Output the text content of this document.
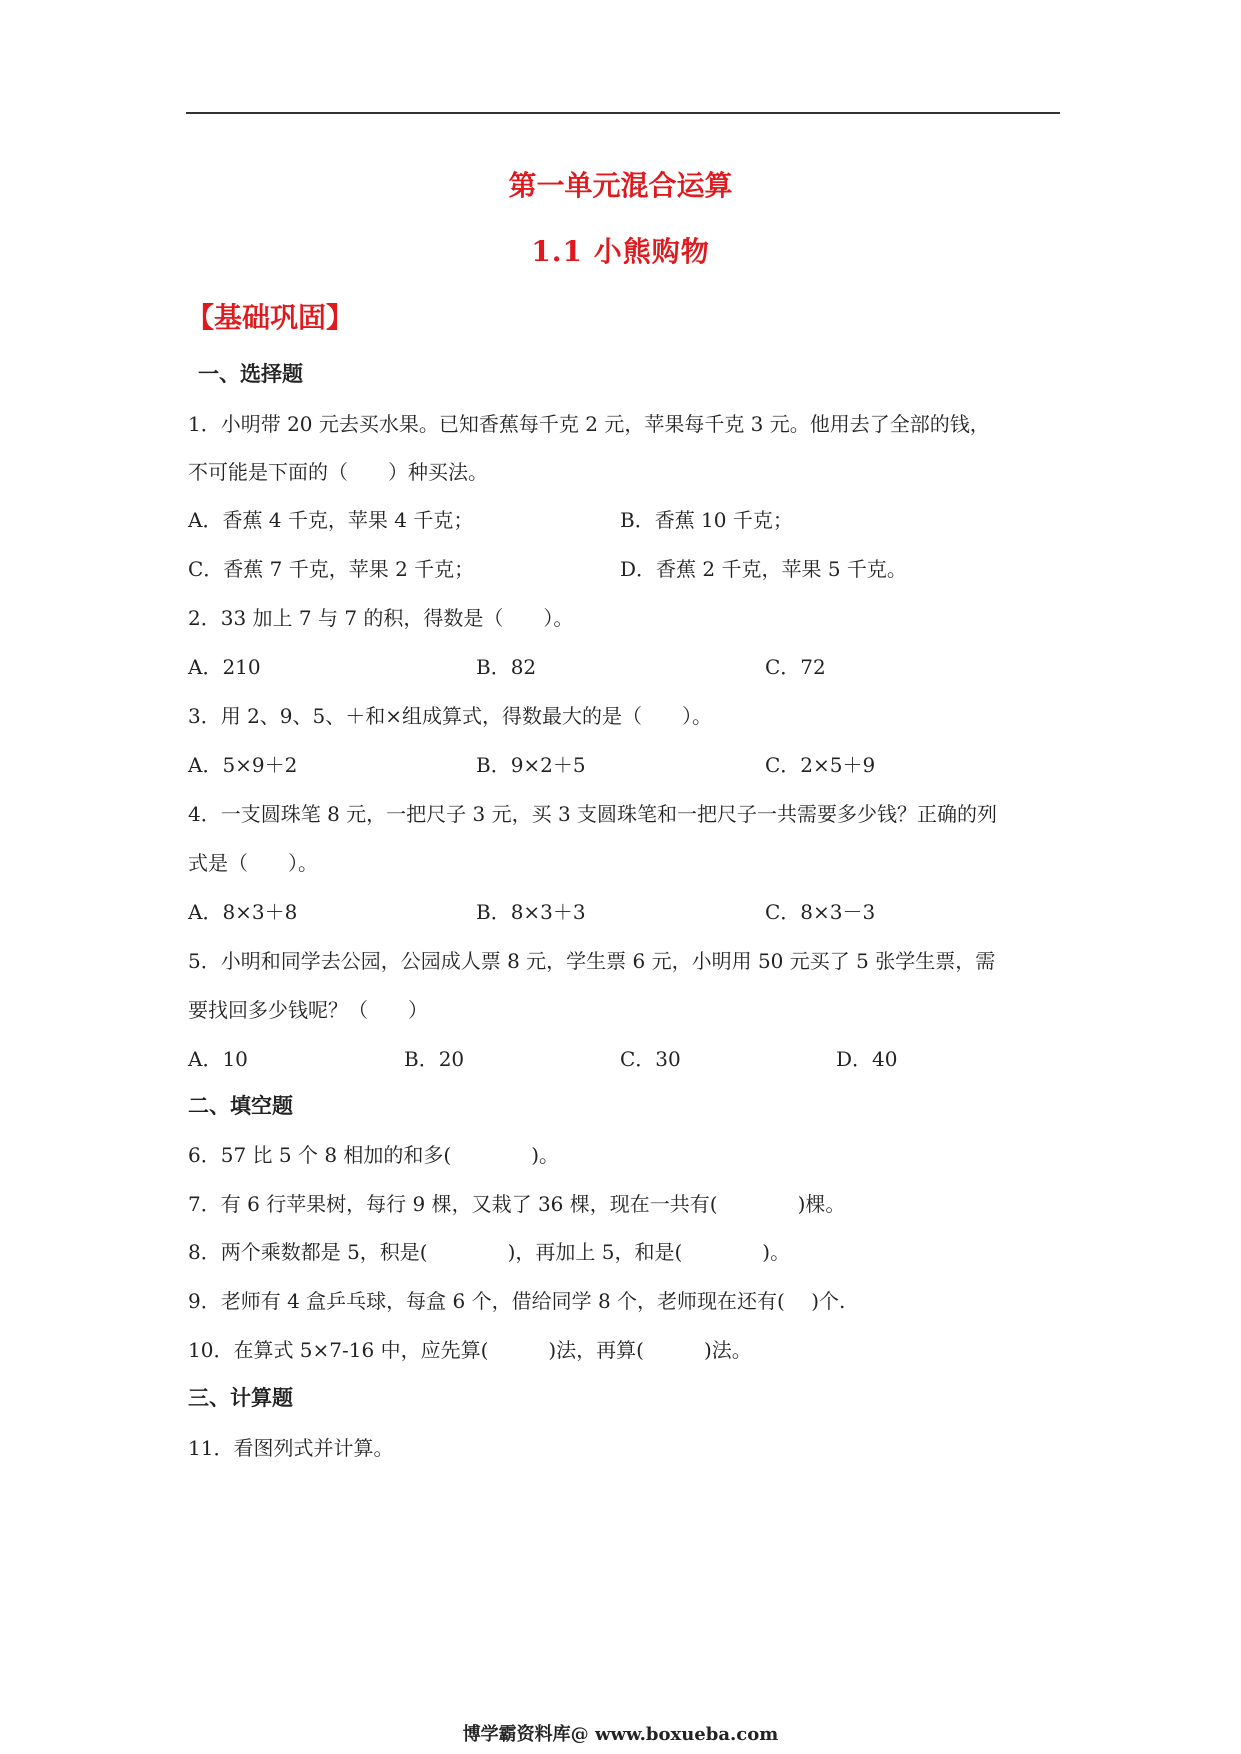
第一单元混合运算
1.1 小熊购物
【基础巩固】
一、选择题
1．小明带 20 元去买水果。已知香蕉每千克 2 元，苹果每千克 3 元。他用去了全部的钱，
不可能是下面的（　　）种买法。
A．香蕉 4 千克，苹果 4 千克；	B．香蕉 10 千克；
C．香蕉 7 千克，苹果 2 千克；	D．香蕉 2 千克，苹果 5 千克。
2．33 加上 7 与 7 的积，得数是（　　）。
A．210	B．82	C．72
3．用 2、9、5、＋和×组成算式，得数最大的是（　　）。
A．5×9＋2	B．9×2＋5	C．2×5＋9
4．一支圆珠笔 8 元，一把尺子 3 元，买 3 支圆珠笔和一把尺子一共需要多少钱？正确的列
式是（　　）。
A．8×3＋8	B．8×3＋3	C．8×3－3
5．小明和同学去公园，公园成人票 8 元，学生票 6 元，小明用 50 元买了 5 张学生票，需
要找回多少钱呢？（　　）
A．10	B．20	C．30	D．40
二、填空题
6．57 比 5 个 8 相加的和多(　　　　)。
7．有 6 行苹果树，每行 9 棵，又栽了 36 棵，现在一共有(　　　　)棵。
8．两个乘数都是 5，积是(　　　　)，再加上 5，和是(　　　　)。
9．老师有 4 盒乒乓球，每盒 6 个，借给同学 8 个，老师现在还有(　 )个.
10．在算式 5×7-16 中，应先算(　　　)法，再算(　　　)法。
三、计算题
11．看图列式并计算。
博学霸资料库@ www.boxueba.com
